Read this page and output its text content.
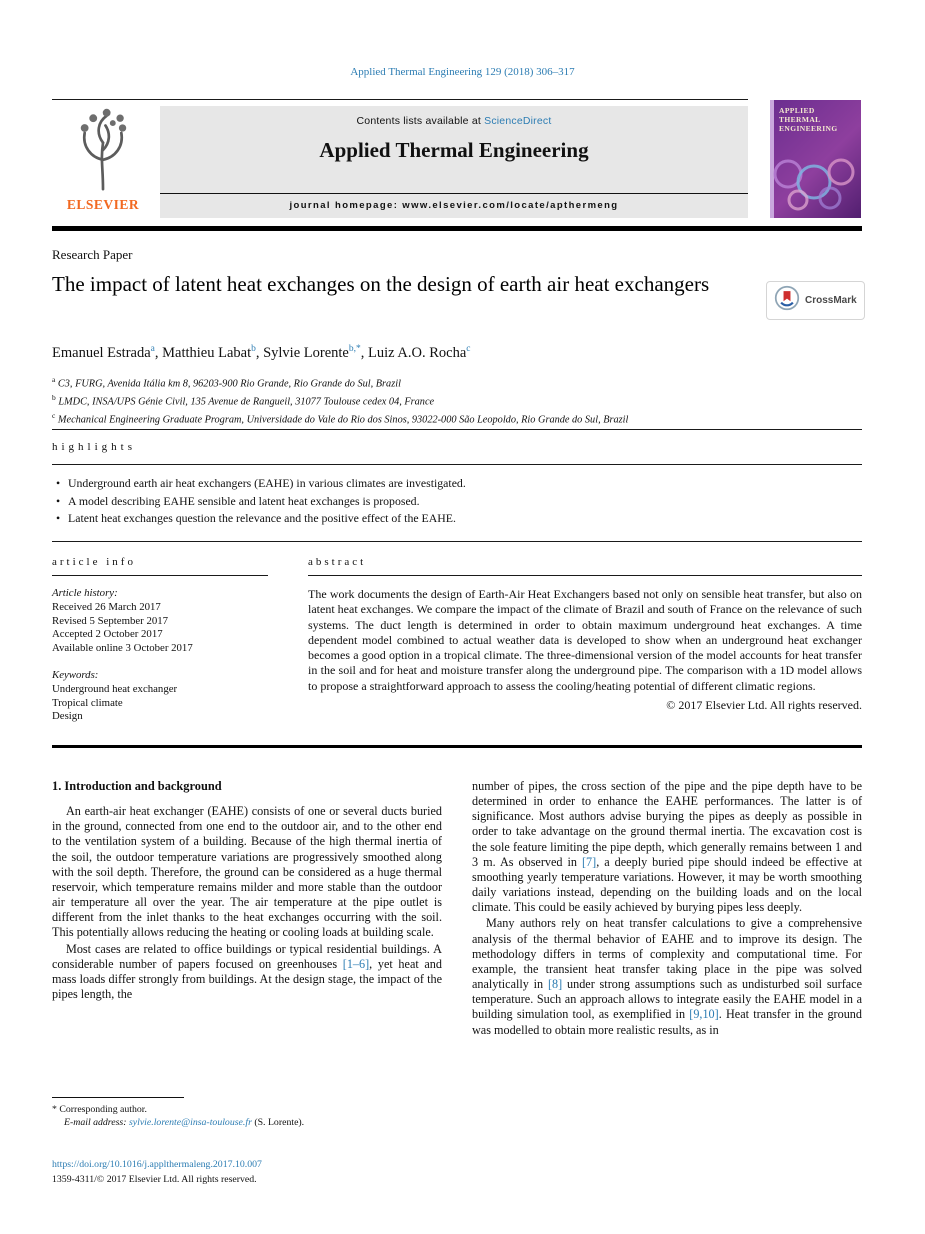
Applied Thermal Engineering 129 (2018) 306–317
ELSEVIER
Contents lists available at ScienceDirect
Applied Thermal Engineering
journal homepage: www.elsevier.com/locate/apthermeng
APPLIED THERMAL ENGINEERING
Research Paper
The impact of latent heat exchanges on the design of earth air heat exchangers
CrossMark
Emanuel Estrada$^a$, Matthieu Labat$^b$, Sylvie Lorente$^{b,*}$, Luiz A.O. Rocha$^c$
$^a$ C3, FURG, Avenida Itália km 8, 96203-900 Rio Grande, Rio Grande do Sul, Brazil
$^b$ LMDC, INSA/UPS Génie Civil, 135 Avenue de Rangueil, 31077 Toulouse cedex 04, France
$^c$ Mechanical Engineering Graduate Program, Universidade do Vale do Rio dos Sinos, 93022-000 São Leopoldo, Rio Grande do Sul, Brazil
highlights
• Underground earth air heat exchangers (EAHE) in various climates are investigated.
• A model describing EAHE sensible and latent heat exchanges is proposed.
• Latent heat exchanges question the relevance and the positive effect of the EAHE.
article info	abstract
Article history:
Received 26 March 2017
Revised 5 September 2017
Accepted 2 October 2017
Available online 3 October 2017
Keywords:
Underground heat exchanger
Tropical climate
Design
The work documents the design of Earth-Air Heat Exchangers based not only on sensible heat transfer, but also on latent heat exchanges. We compare the impact of the climate of Brazil and south of France on the relevance of such systems. The duct length is determined in order to obtain maximum underground heat exchanges. A time dependent model combined to actual weather data is developed to show when an underground heat exchanger becomes a good option in a tropical climate. The three-dimensional version of the model accounts for heat transfer in the soil and for heat and moisture transfer along the underground pipe. The comparison with a 1D model allows to propose a straightforward approach to assess the cooling/heating potential of different climatic regions.
© 2017 Elsevier Ltd. All rights reserved.
1. Introduction and background

An earth-air heat exchanger (EAHE) consists of one or several ducts buried in the ground, connected from one end to the outdoor air, and to the other end to the ventilation system of a building. Because of the high thermal inertia of the soil, the outdoor temperature variations are progressively smoothed along with the soil depth. Therefore, the ground can be considered as a huge thermal reservoir, which temperature remains milder and more stable than the outdoor air temperature all over the year. The air temperature at the pipe outlet is different from the inlet thanks to the heat exchanges occurring with the soil. This potentially allows reducing the heating or cooling loads at building scale.

Most cases are related to office buildings or typical residential buildings. A considerable number of papers focused on greenhouses [1–6], yet heat and mass loads differ strongly from buildings. At the design stage, the impact of the pipes length, the

number of pipes, the cross section of the pipe and the pipe depth have to be determined in order to enhance the EAHE performances. The latter is of significance. Most authors advise burying the pipes as deeply as possible in order to take advantage on the ground thermal inertia. The excavation cost is the sole feature limiting the pipe depth, which generally remains between 1 and 3 m. As observed in [7], a deeply buried pipe should indeed be effective at smoothing yearly temperature variations. However, it may be worth smoothing daily variations instead, depending on the building loads and on the local climate. This could be easily achieved by burying pipes less deeply.

Many authors rely on heat transfer calculations to give a comprehensive analysis of the thermal behavior of EAHE and to improve its design. The methodology differs in terms of complexity and computational time. For example, the transient heat transfer taking place in the pipe was solved analytically in [8] under strong assumptions such as undisturbed soil surface temperature. Such an approach allows to integrate easily the EAHE model in a building simulation tool, as exemplified in [9,10]. Heat transfer in the ground was modelled to obtain more realistic results, as in

* Corresponding author.
E-mail address: sylvie.lorente@insa-toulouse.fr (S. Lorente).
https://doi.org/10.1016/j.applthermaleng.2017.10.007
1359-4311/© 2017 Elsevier Ltd. All rights reserved.
